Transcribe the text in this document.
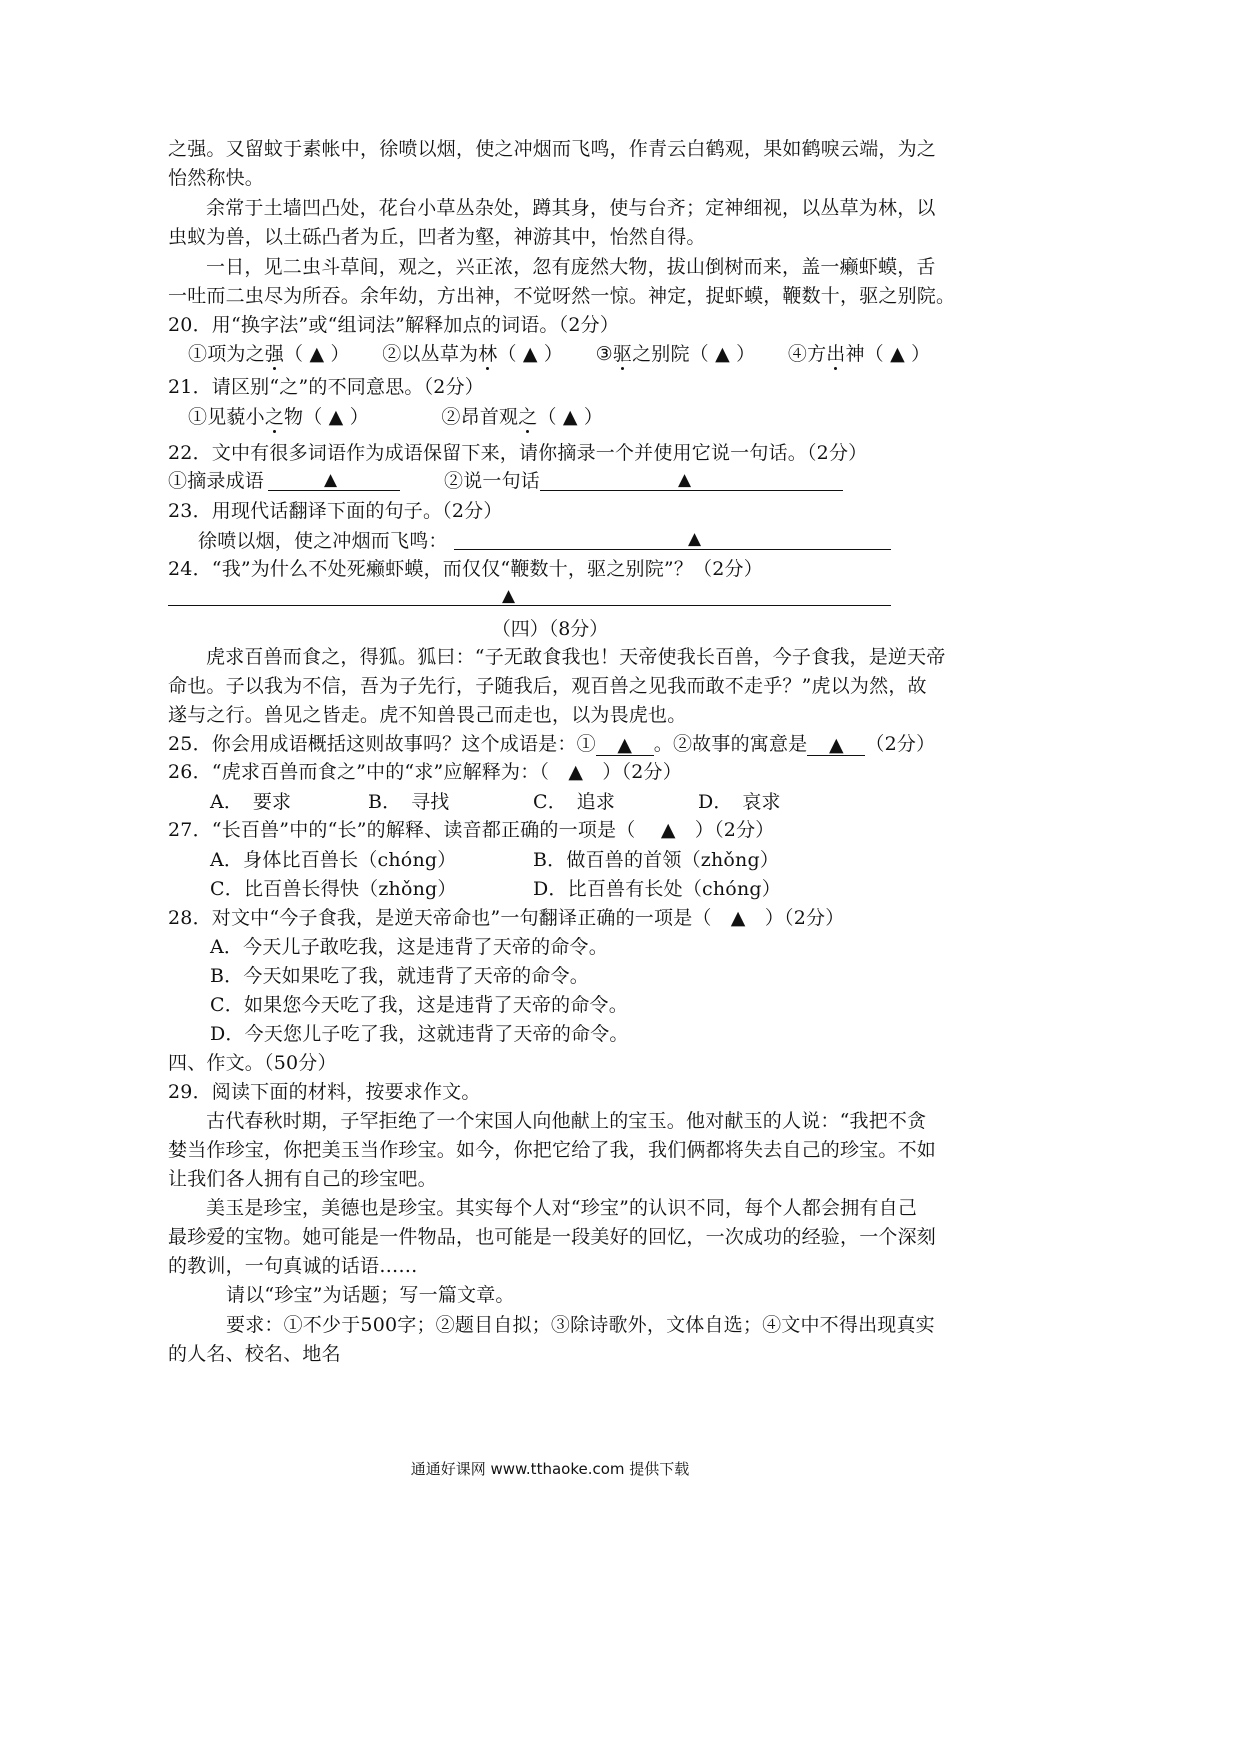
之强。又留蚊于素帐中，徐喷以烟，使之冲烟而飞鸣，作青云白鹤观，果如鹤唳云端，为之
怡然称快。
余常于土墙凹凸处，花台小草丛杂处，蹲其身，使与台齐；定神细视，以丛草为林，以
虫蚁为兽，以土砾凸者为丘，凹者为壑，神游其中，怡然自得。
一日，见二虫斗草间，观之，兴正浓，忽有庞然大物，拔山倒树而来，盖一癞虾蟆，舌
一吐而二虫尽为所吞。余年幼，方出神，不觉呀然一惊。神定，捉虾蟆，鞭数十，驱之别院。
20．用“换字法”或“组词法”解释加点的词语。（2分）
①项为之强（ ▲ ） ②以丛草为林（ ▲ ） ③驱之别院（ ▲ ） ④方出神（ ▲ ）
21．请区别“之”的不同意思。（2分）
①见藐小之物（ ▲ ）	②昂首观之（ ▲ ）
22．文中有很多词语作为成语保留下来，请你摘录一个并使用它说一句话。（2分）
①摘录成语	▲	②说一句话	▲
23．用现代话翻译下面的句子。（2分）
徐喷以烟，使之冲烟而飞鸣：	▲
24．“我”为什么不处死癞虾蟆，而仅仅“鞭数十，驱之别院”？（2分）
▲
（四）（8分）
虎求百兽而食之，得狐。狐曰：“子无敢食我也！天帝使我长百兽，今子食我，是逆天帝
命也。子以我为不信，吾为子先行，子随我后，观百兽之见我而敢不走乎？”虎以为然，故
遂与之行。兽见之皆走。虎不知兽畏己而走也，以为畏虎也。
25．你会用成语概括这则故事吗？这个成语是：① ▲ 。②故事的寓意是 ▲ （2分）
26．“虎求百兽而食之”中的“求”应解释为：（　▲　）（2分）
A．　要求	B．　寻找	C．　追求	D．　哀求
27．“长百兽”中的“长”的解释、读音都正确的一项是（　 ▲　）（2分）
A．身体比百兽长（chóng）	B．做百兽的首领（zhǒng）
C．比百兽长得快（zhǒng）	D．比百兽有长处（chóng）
28．对文中“今子食我，是逆天帝命也”一句翻译正确的一项是（　▲　）（2分）
A．今天儿子敢吃我，这是违背了天帝的命令。
B．今天如果吃了我，就违背了天帝的命令。
C．如果您今天吃了我，这是违背了天帝的命令。
D．今天您儿子吃了我，这就违背了天帝的命令。
四、作文。（50分）
29．阅读下面的材料，按要求作文。
古代春秋时期，子罕拒绝了一个宋国人向他献上的宝玉。他对献玉的人说：“我把不贪
婪当作珍宝，你把美玉当作珍宝。如今，你把它给了我，我们俩都将失去自己的珍宝。不如
让我们各人拥有自己的珍宝吧。
美玉是珍宝，美德也是珍宝。其实每个人对“珍宝”的认识不同，每个人都会拥有自己
最珍爱的宝物。她可能是一件物品，也可能是一段美好的回忆，一次成功的经验，一个深刻
的教训，一句真诚的话语……
请以“珍宝”为话题；写一篇文章。
要求：①不少于500字；②题目自拟；③除诗歌外，文体自选；④文中不得出现真实
的人名、校名、地名
通通好课网 www.tthaoke.com 提供下载
